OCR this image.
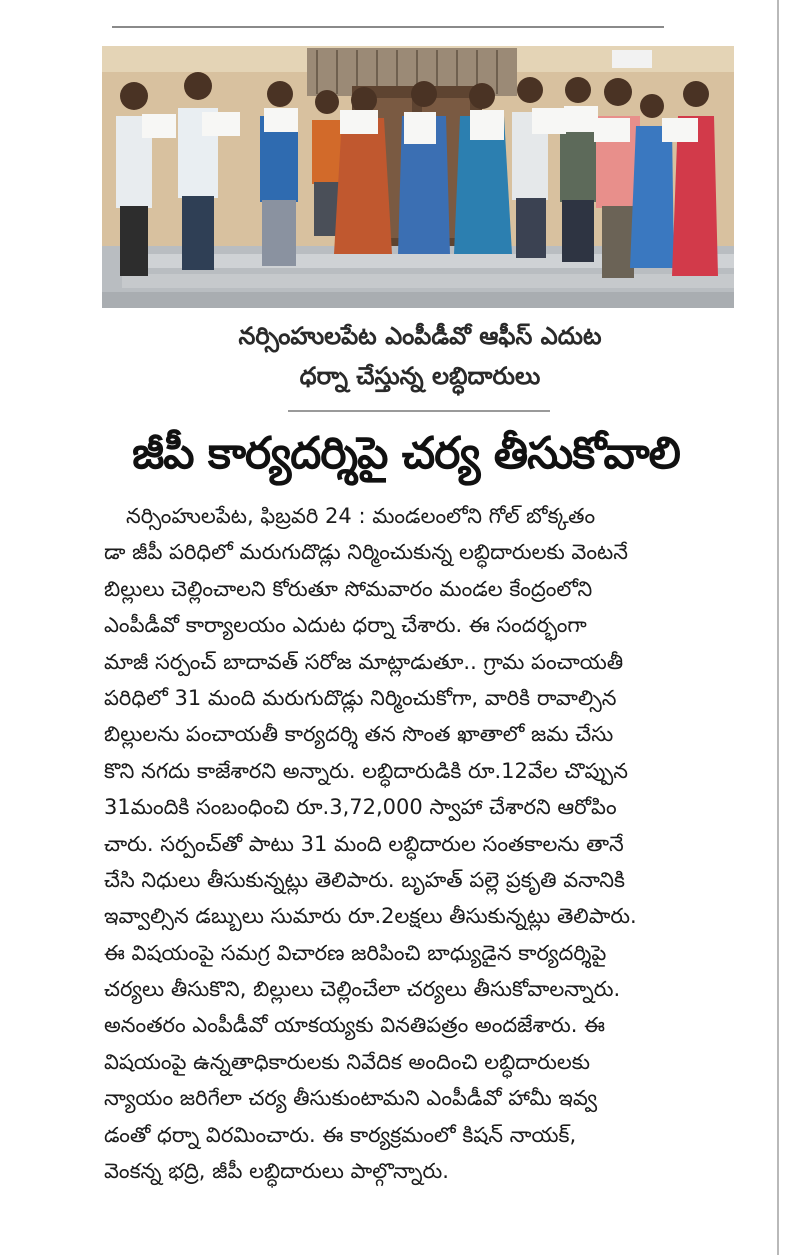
నర్సింహులపేట ఎంపీడీవో ఆఫీస్ ఎదుట
ధర్నా చేస్తున్న లబ్ధిదారులు
జీపీ కార్యదర్శిపై చర్య తీసుకోవాలి
నర్సింహులపేట, ఫిబ్రవరి 24 : మండలంలోని గోల్ బోక్కతం
డా జీపీ పరిధిలో మరుగుదొడ్లు నిర్మించుకున్న లబ్ధిదారులకు వెంటనే
బిల్లులు చెల్లించాలని కోరుతూ సోమవారం మండల కేంద్రంలోని
ఎంపీడీవో కార్యాలయం ఎదుట ధర్నా చేశారు. ఈ సందర్భంగా
మాజీ సర్పంచ్ బాదావత్ సరోజ మాట్లాడుతూ.. గ్రామ పంచాయతీ
పరిధిలో 31 మంది మరుగుదొడ్లు నిర్మించుకోగా, వారికి రావాల్సిన
బిల్లులను పంచాయతీ కార్యదర్శి తన సొంత ఖాతాలో జమ చేసు
కొని నగదు కాజేశారని అన్నారు. లబ్ధిదారుడికి రూ.12వేల చొప్పున
31మందికి సంబంధించి రూ.3,72,000 స్వాహా చేశారని ఆరోపిం
చారు. సర్పంచ్‌తో పాటు 31 మంది లబ్ధిదారుల సంతకాలను తానే
చేసి నిధులు తీసుకున్నట్లు తెలిపారు. బృహత్ పల్లె ప్రకృతి వనానికి
ఇవ్వాల్సిన డబ్బులు సుమారు రూ.2లక్షలు తీసుకున్నట్లు తెలిపారు.
ఈ విషయంపై సమగ్ర విచారణ జరిపించి బాధ్యుడైన కార్యదర్శిపై
చర్యలు తీసుకొని, బిల్లులు చెల్లించేలా చర్యలు తీసుకోవాలన్నారు.
అనంతరం ఎంపీడీవో యాకయ్యకు వినతిపత్రం అందజేశారు. ఈ
విషయంపై ఉన్నతాధికారులకు నివేదిక అందించి లబ్ధిదారులకు
న్యాయం జరిగేలా చర్య తీసుకుంటామని ఎంపీడీవో హామీ ఇవ్వ
డంతో ధర్నా విరమించారు. ఈ కార్యక్రమంలో కిషన్ నాయక్,
వెంకన్న భద్రి, జీపీ లబ్ధిదారులు పాల్గొన్నారు.
